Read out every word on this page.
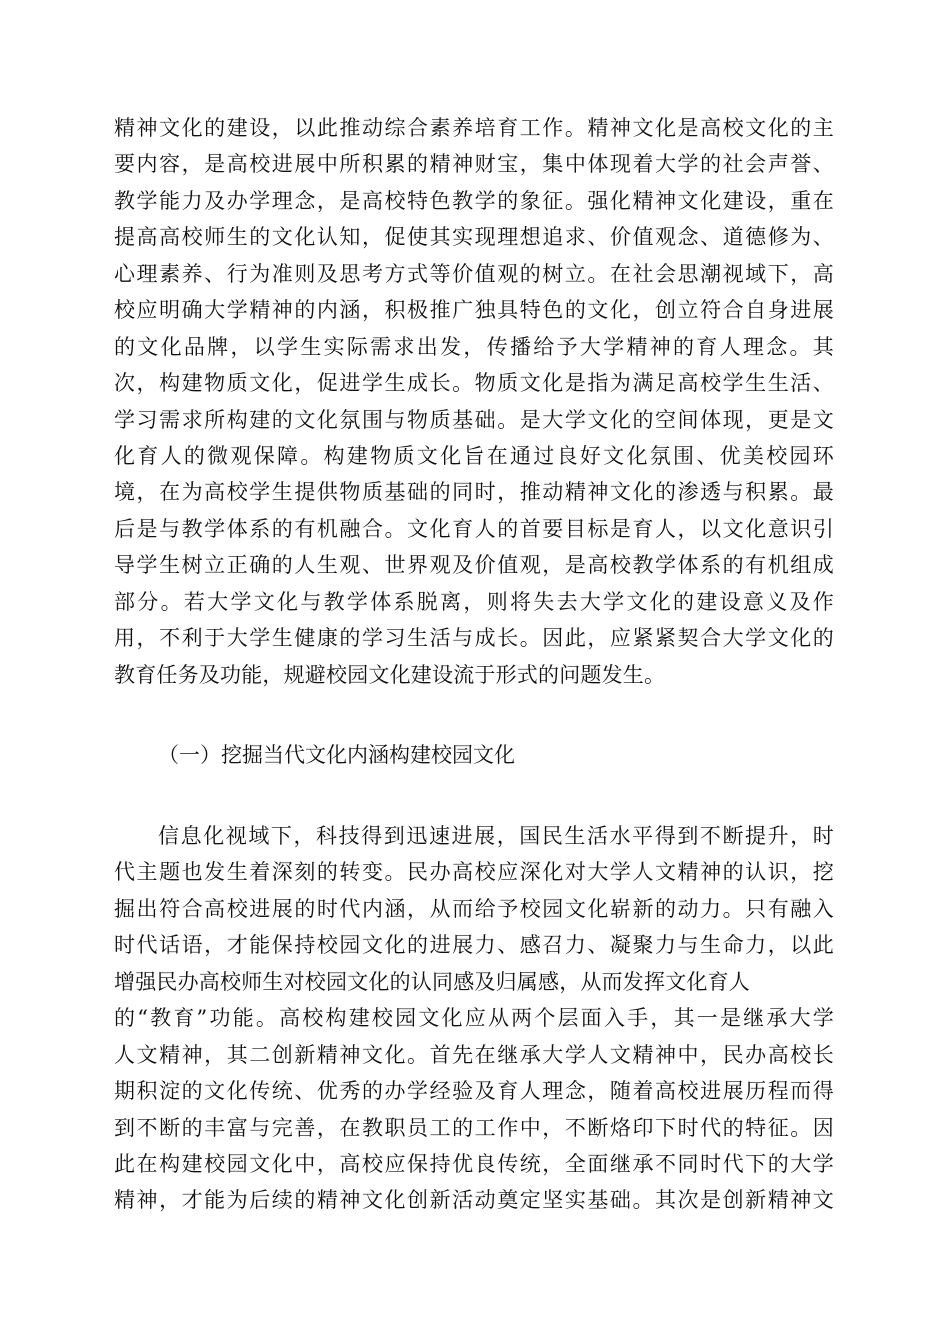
精神文化的建设，以此推动综合素养培育工作。精神文化是高校文化的主
要内容，是高校进展中所积累的精神财宝，集中体现着大学的社会声誉、
教学能力及办学理念，是高校特色教学的象征。强化精神文化建设，重在
提高高校师生的文化认知，促使其实现理想追求、价值观念、道德修为、
心理素养、行为准则及思考方式等价值观的树立。在社会思潮视域下，高
校应明确大学精神的内涵，积极推广独具特色的文化，创立符合自身进展
的文化品牌，以学生实际需求出发，传播给予大学精神的育人理念。其
次，构建物质文化，促进学生成长。物质文化是指为满足高校学生生活、
学习需求所构建的文化氛围与物质基础。是大学文化的空间体现，更是文
化育人的微观保障。构建物质文化旨在通过良好文化氛围、优美校园环
境，在为高校学生提供物质基础的同时，推动精神文化的渗透与积累。最
后是与教学体系的有机融合。文化育人的首要目标是育人，以文化意识引
导学生树立正确的人生观、世界观及价值观，是高校教学体系的有机组成
部分。若大学文化与教学体系脱离，则将失去大学文化的建设意义及作
用，不利于大学生健康的学习生活与成长。因此，应紧紧契合大学文化的
教育任务及功能，规避校园文化建设流于形式的问题发生。
（一）挖掘当代文化内涵构建校园文化
信息化视域下，科技得到迅速进展，国民生活水平得到不断提升，时
代主题也发生着深刻的转变。民办高校应深化对大学人文精神的认识，挖
掘出符合高校进展的时代内涵，从而给予校园文化崭新的动力。只有融入
时代话语，才能保持校园文化的进展力、感召力、凝聚力与生命力，以此
增强民办高校师生对校园文化的认同感及归属感，从而发挥文化育人
的“教育”功能。高校构建校园文化应从两个层面入手，其一是继承大学
人文精神，其二创新精神文化。首先在继承大学人文精神中，民办高校长
期积淀的文化传统、优秀的办学经验及育人理念，随着高校进展历程而得
到不断的丰富与完善，在教职员工的工作中，不断烙印下时代的特征。因
此在构建校园文化中，高校应保持优良传统，全面继承不同时代下的大学
精神，才能为后续的精神文化创新活动奠定坚实基础。其次是创新精神文
